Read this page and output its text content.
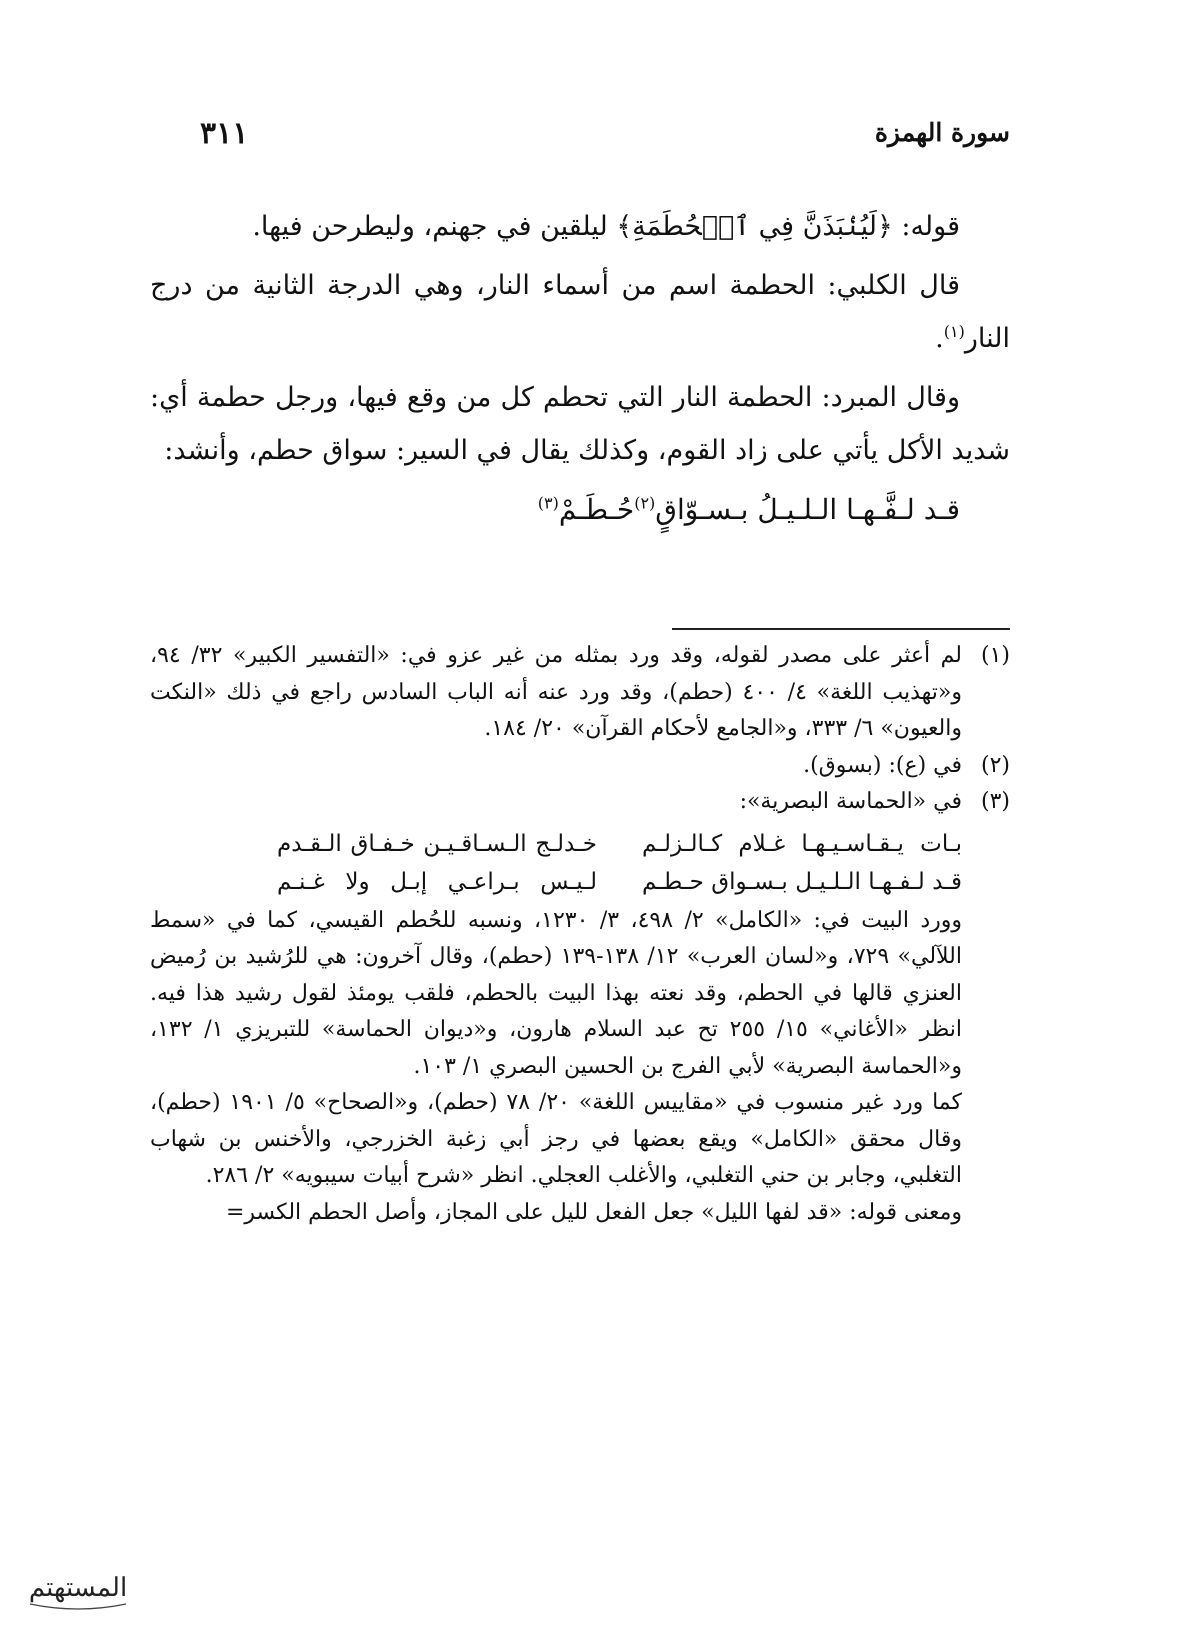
سورة الهمزة
٣١١

قوله: ﴿لَيُنۢبَذَنَّ فِي ٱلۡحُطَمَةِ﴾ ليلقين في جهنم، وليطرحن فيها.

قال الكلبي: الحطمة اسم من أسماء النار، وهي الدرجة الثانية من درج النار$^{(١)}$.

وقال المبرد: الحطمة النار التي تحطم كل من وقع فيها، ورجل حطمة أي: شديد الأكل يأتي على زاد القوم، وكذلك يقال في السير: سواق حطم، وأنشد:

قـد لـفَّـهـا الـلـيـلُ بـسـوّاقٍ$^{(٢)}$حُـطَـمْ$^{(٣)}$

(١)
لم أعثر على مصدر لقوله، وقد ورد بمثله من غير عزو في: «التفسير الكبير» ٣٢/ ٩٤، و«تهذيب اللغة» ٤/ ٤٠٠ (حطم)، وقد ورد عنه أنه الباب السادس راجع في ذلك «النكت والعيون» ٦/ ٣٣٣، و«الجامع لأحكام القرآن» ٢٠/ ١٨٤.
(٢)
في (ع): (بسوق).
(٣)

في «الحماسة البصرية»:

بـات يـقـاسـيـهـا غـلام كـالـزلـم
خـدلـج الـسـاقـيـن خـفـاق الـقـدم
قـد لـفـهـا الـلـيـل بـسـواق حـطـم
لـيـس بـراعـي إبـل ولا غـنـم

وورد البيت في: «الكامل» ٢/ ٤٩٨، ٣/ ١٢٣٠، ونسبه للحُطم القيسي، كما في «سمط اللآلي» ٧٢٩، و«لسان العرب» ١٢/ ١٣٨-١٣٩ (حطم)، وقال آخرون: هي للرُشيد بن رُميض العنزي قالها في الحطم، وقد نعته بهذا البيت بالحطم، فلقب يومئذ لقول رشيد هذا فيه. انظر «الأغاني» ١٥/ ٢٥٥ تح عبد السلام هارون، و«ديوان الحماسة» للتبريزي ١/ ١٣٢، و«الحماسة البصرية» لأبي الفرج بن الحسين البصري ١/ ١٠٣.

كما ورد غير منسوب في «مقاييس اللغة» ٢٠/ ٧٨ (حطم)، و«الصحاح» ٥/ ١٩٠١ (حطم)، وقال محقق «الكامل» ويقع بعضها في رجز أبي زغبة الخزرجي، والأخنس بن شهاب التغلبي، وجابر بن حني التغلبي، والأغلب العجلي. انظر «شرح أبيات سيبويه» ٢/ ٢٨٦.

ومعنى قوله: «قد لفها الليل» جعل الفعل لليل على المجاز، وأصل الحطم الكسر=

المستهتم
